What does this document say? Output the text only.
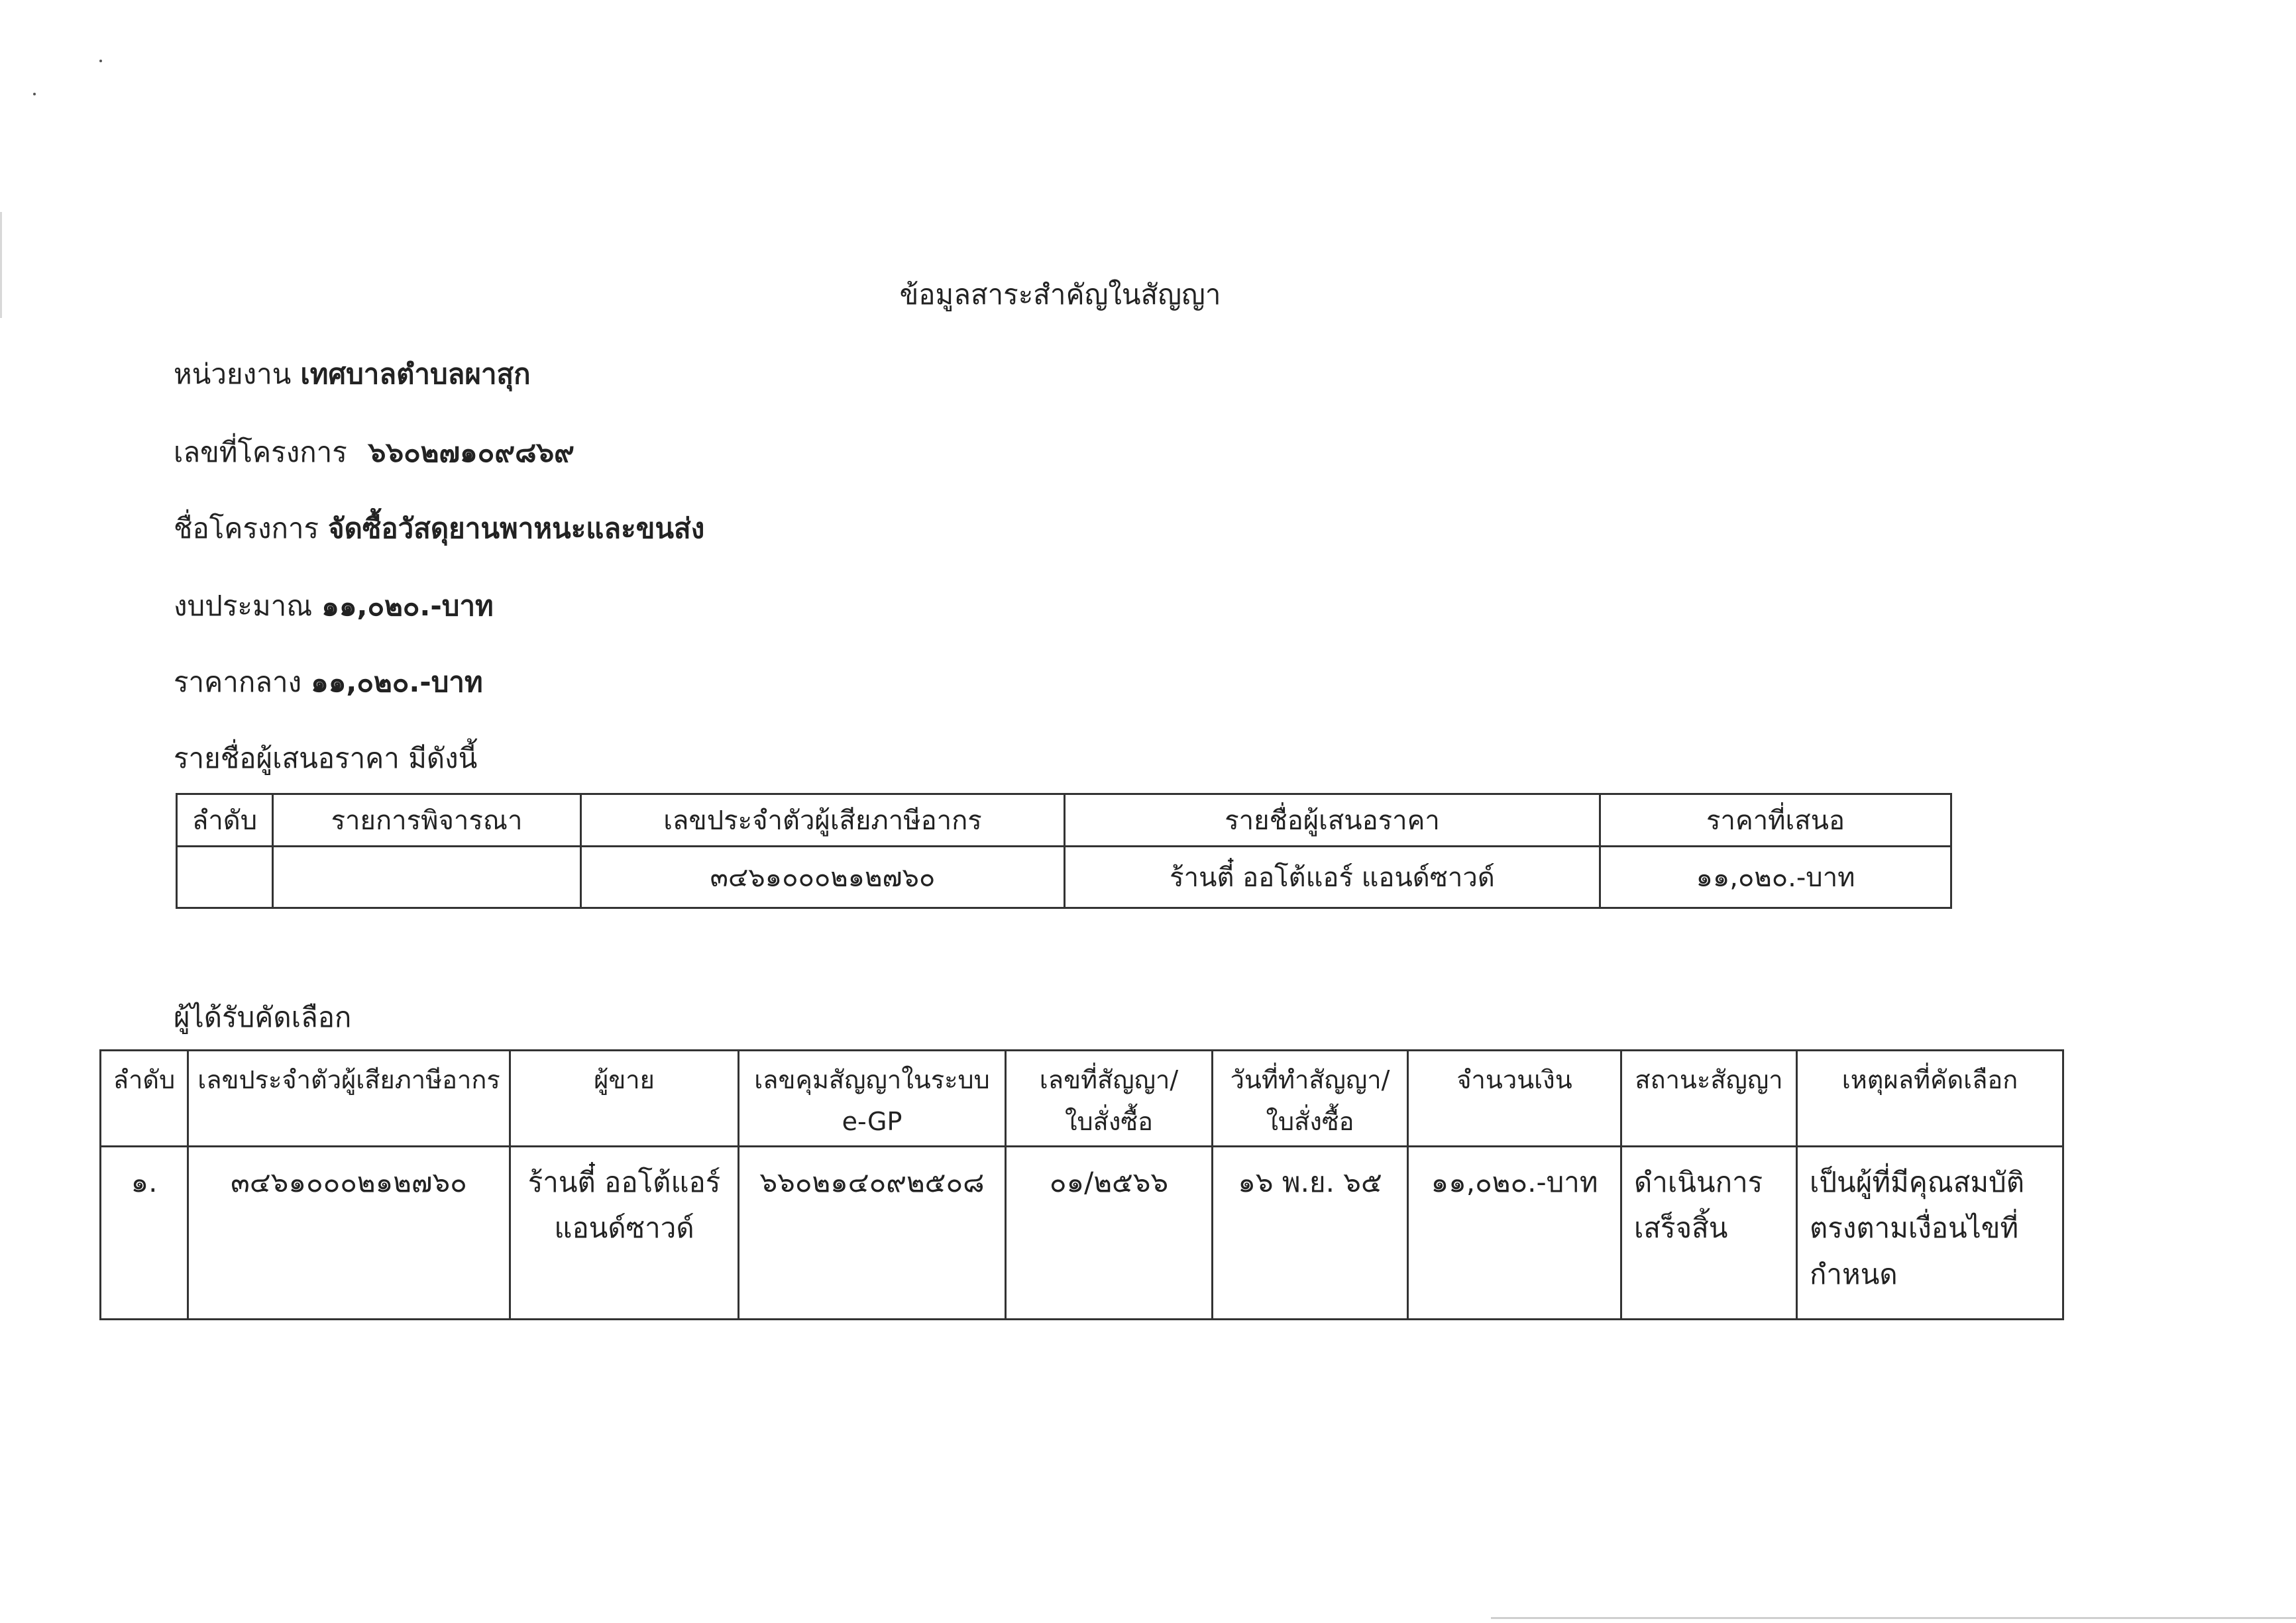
ข้อมูลสาระสำคัญในสัญญา
หน่วยงาน เทศบาลตำบลผาสุก
เลขที่โครงการ ๖๖๐๒๗๑๐๙๘๖๙
ชื่อโครงการ จัดซื้อวัสดุยานพาหนะและขนส่ง
งบประมาณ ๑๑,๐๒๐.-บาท
ราคากลาง ๑๑,๐๒๐.-บาท
รายชื่อผู้เสนอราคา มีดังนี้
ลำดับ	รายการพิจารณา	เลขประจำตัวผู้เสียภาษีอากร	รายชื่อผู้เสนอราคา	ราคาที่เสนอ
		๓๔๖๑๐๐๐๒๑๒๗๖๐	ร้านตี๋ ออโต้แอร์ แอนด์ซาวด์	๑๑,๐๒๐.-บาท
ผู้ได้รับคัดเลือก
ลำดับ	เลขประจำตัวผู้เสียภาษีอากร	ผู้ขาย	เลขคุมสัญญาในระบบ
e-GP	เลขที่สัญญา/
ใบสั่งซื้อ	วันที่ทำสัญญา/
ใบสั่งซื้อ	จำนวนเงิน	สถานะสัญญา	เหตุผลที่คัดเลือก
๑.	๓๔๖๑๐๐๐๒๑๒๗๖๐	ร้านตี๋ ออโต้แอร์
แอนด์ซาวด์	๖๖๐๒๑๔๐๙๒๕๐๘	๐๑/๒๕๖๖	๑๖ พ.ย. ๖๕	๑๑,๐๒๐.-บาท	ดำเนินการ
เสร็จสิ้น	เป็นผู้ที่มีคุณสมบัติ
ตรงตามเงื่อนไขที่
กำหนด
